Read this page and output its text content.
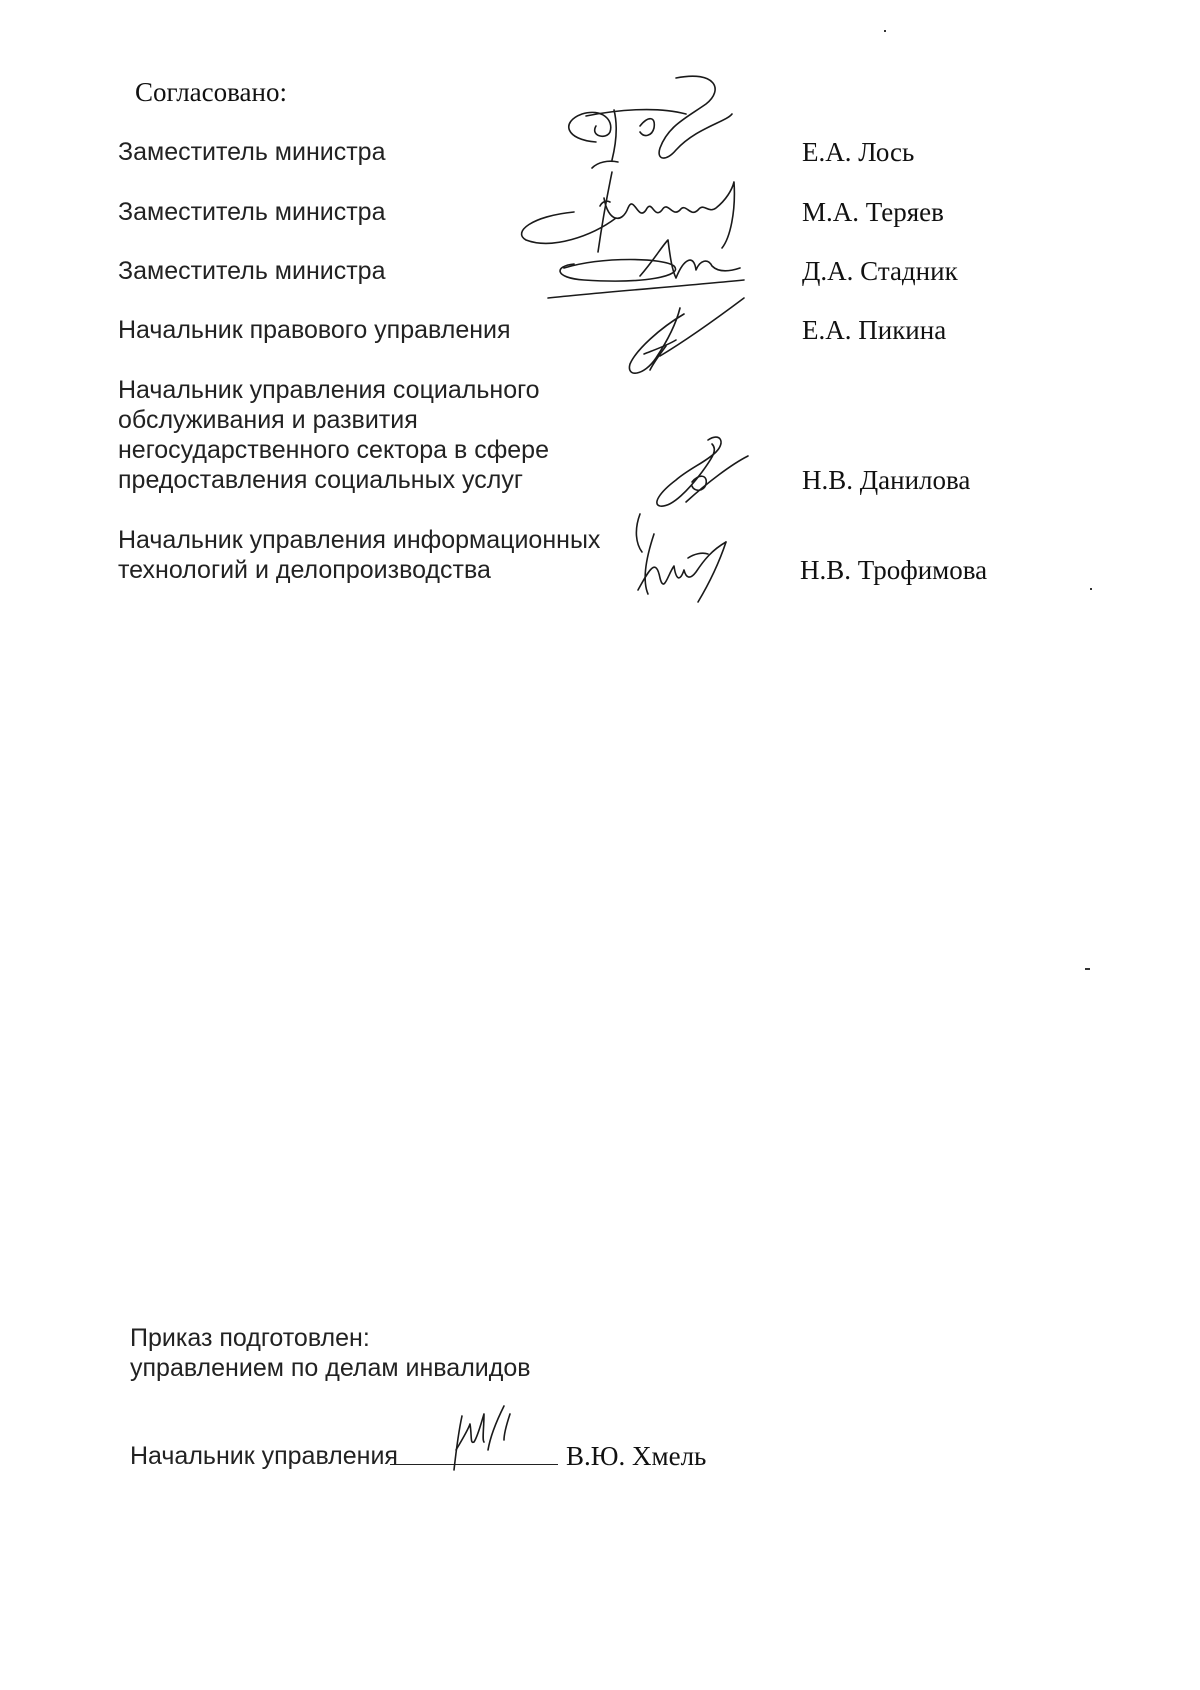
Согласовано:
Заместитель министра	Е.А. Лось
Заместитель министра	М.А. Теряев
Заместитель министра	Д.А. Стадник
Начальник правового управления	Е.А. Пикина
Начальник управления социального
обслуживания и развития
негосударственного сектора в сфере
предоставления социальных услуг	Н.В. Данилова
Начальник управления информационных
технологий и делопроизводства	Н.В. Трофимова
Приказ подготовлен:
управлением по делам инвалидов
Начальник управления	В.Ю. Хмель
